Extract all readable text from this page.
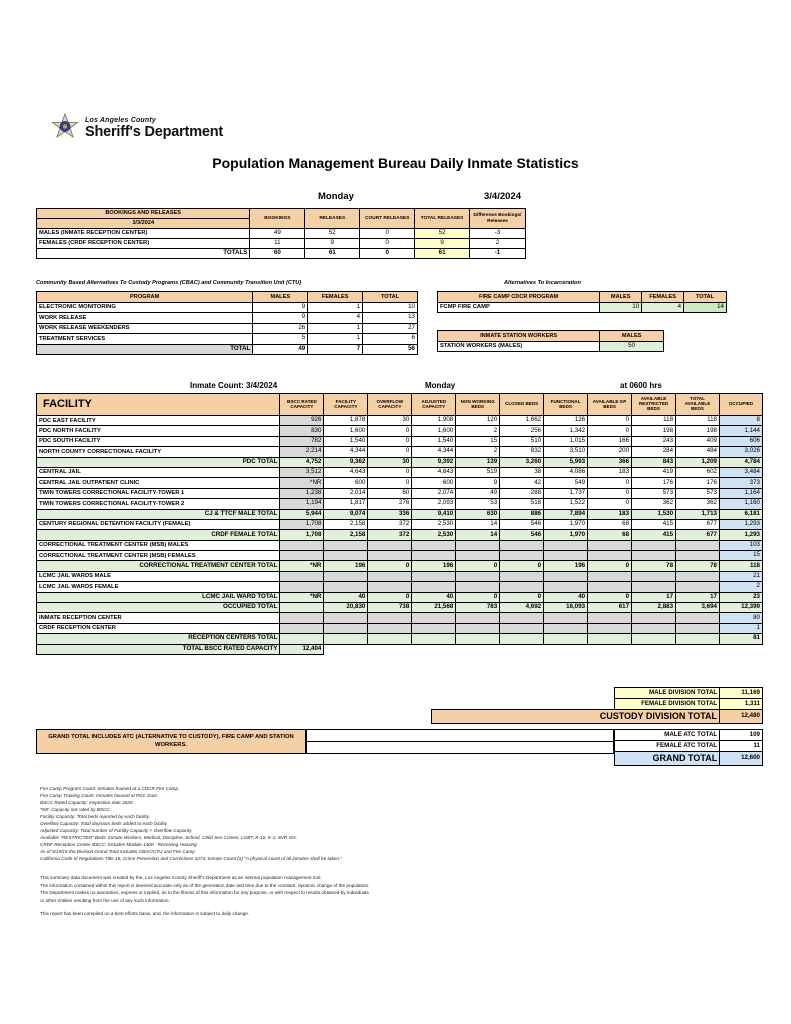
Los Angeles County
Sheriff's Department
Population Management Bureau Daily Inmate Statistics
Monday	3/4/2024
BOOKINGS AND RELEASES	BOOKINGS	RELEASES	COURT RELEASES	TOTAL RELEASES	Difference Bookings/ Releases
3/3/2024					
MALES (INMATE RECEPTION CENTER)	49	52	0	52	-3
FEMALES (CRDF RECEPTION CENTER)	11	9	0	9	2
TOTALS	60	61	0	61	-1
Community Based Alternatives To Custody Programs (CBAC) and Community Transition Unit (CTU)
PROGRAM	MALES	FEMALES	TOTAL
ELECTRONIC MONITORING	9	1	10
WORK RELEASE	9	4	13
WORK RELEASE WEEKENDERS	26	1	27
TREATMENT SERVICES	5	1	6
TOTAL	49	7	56
Alternatives To Incarceration
FIRE CAMP CDCR PROGRAM	MALES	FEMALES	TOTAL
FCMP FIRE CAMP	10	4	14
INMATE STATION WORKERS	MALES
STATION WORKERS (MALES)	50
Inmate Count: 3/4/2024	Monday	at 0600 hrs
FACILITY	BSCC RATED CAPACITY	FACILITY CAPACITY	OVERFLOW CAPACITY	ADJUSTED CAPACITY	NON WORKING BEDS	CLOSED BEDS	FUNCTIONAL BEDS	AVAILABLE GP BEDS	AVAILABLE RESTRICTED BEDS	TOTAL AVAILABLE BEDS	OCCUPIED
PDC EAST FACILITY	926	1,878	30	1,908	120	1,662	126	0	118	118	8
PDC NORTH FACILITY	830	1,600	0	1,600	2	256	1,342	0	198	198	1,144
PDC SOUTH FACILITY	782	1,540	0	1,540	15	510	1,015	166	243	409	606
NORTH COUNTY CORRECTIONAL FACILITY	2,214	4,344	0	4,344	2	832	3,510	200	284	484	3,026
PDC TOTAL	4,752	9,362	30	9,392	139	3,260	5,993	366	843	1,209	4,784
CENTRAL JAIL	3,512	4,643	0	4,643	519	38	4,086	183	419	602	3,484
CENTRAL JAIL OUTPATIENT CLINIC	*NR	600	0	600	9	42	549	0	176	176	373
TWIN TOWERS CORRECTIONAL FACILITY-TOWER 1	1,238	2,014	60	2,074	49	288	1,737	0	573	573	1,164
TWIN TOWERS CORRECTIONAL FACILITY-TOWER 2	1,194	1,817	276	2,093	53	518	1,522	0	362	362	1,160
CJ & TTCF MALE TOTAL	5,944	9,074	336	9,410	630	886	7,894	183	1,530	1,713	6,181
CENTURY REGIONAL DETENTION FACILITY (FEMALE)	1,708	2,158	372	2,530	14	546	1,970	68	415	677	1,293
CRDF FEMALE TOTAL	1,708	2,158	372	2,530	14	546	1,970	68	415	677	1,293
CORRECTIONAL TREATMENT CENTER (MSB) MALES											103
CORRECTIONAL TREATMENT CENTER (MSB) FEMALES											15
CORRECTIONAL TREATMENT CENTER TOTAL	*NR	196	0	196	0	0	196	0	78	78	118
LCMC JAIL WARDS MALE											21
LCMC JAIL WARDS FEMALE											2
LCMC JAIL WARD TOTAL	*NR	40	0	40	0	0	40	0	17	17	23
OCCUPIED TOTAL		20,830	738	21,568	783	4,692	16,093	617	2,883	3,694	12,399
INMATE RECEPTION CENTER											80
CRDF RECEPTION CENTER											1
RECEPTION CENTERS TOTAL											81
TOTAL BSCC RATED CAPACITY	12,404										
MALE DIVISION TOTAL	11,169
FEMALE DIVISION TOTAL	1,311
CUSTODY DIVISION TOTAL	12,480
GRAND TOTAL INCLUDES ATC (ALTERNATIVE TO CUSTODY), FIRE CAMP AND STATION WORKERS.

MALE ATC TOTAL	109
FEMALE ATC TOTAL	11
GRAND TOTAL	12,600
Fire Camp Program Count: Inmates housed at a CDCR Fire Camp.
Fire Camp Training Count: Inmates housed at PDC East.
BSCC Rated Capacity: Inspection date 2020
*NR: Capacity not rated by BSCC.
Facility Capacity: Total beds reported by each facility.
Overflow Capacity: Total dayroom beds added to each facility.
Adjusted Capacity: Total number of Facility Capacity + Overflow Capacity
Available "RESTRICTED" Beds: Inmate Workers, Medical, Discipline, School, Child Sex Crimes, LGBT, K-10, K-1, SVP, Etc.
CRDF Reception Center BSCC: Includes Module 1400 - Receiving Housing
As of 5/19/15 the Division Grand Total includes CBAC/CTU and Fire Camp
California Code of Regulations Title 15, Crime Prevention and Corrections 3274, Inmate Count (a) "A physical count of all inmates shall be taken."
This summary data document was created by the, Los Angeles County Sheriff's Department as an internal population management tool.
The information contained within this report is deemed accurate only as of the generation date and time due to the constant, dynamic change of the population.
The Department makes no warranties, express or implied, as to the fitness of this information for any purpose, or with respect to results obtained by individuals
or other entities resulting from the use of any such information.
This report has been compiled on a best efforts basis, and, the information is subject to daily change.
